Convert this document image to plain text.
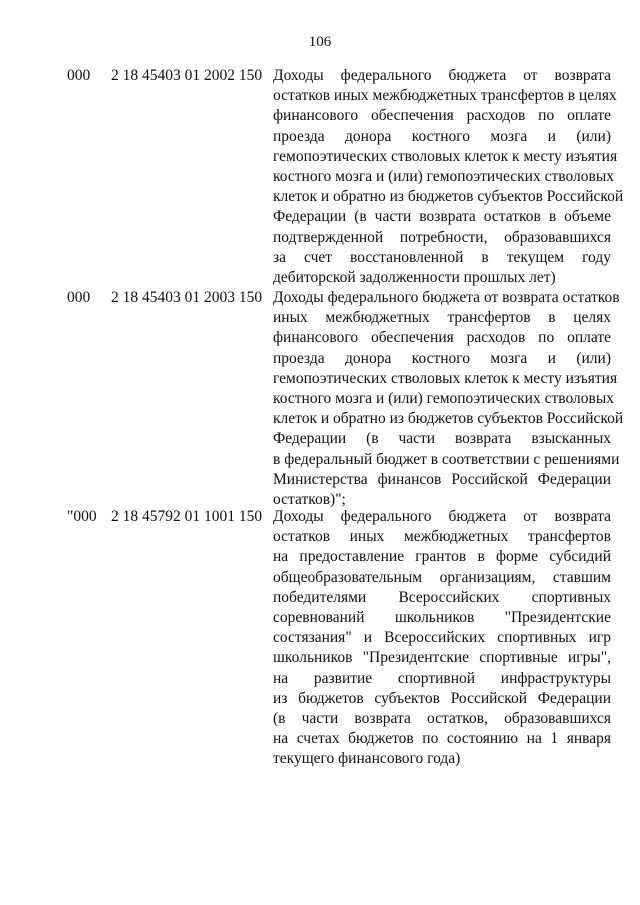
106
000 2 18 45403 01 2002 150 Доходы федерального бюджета от возврата
остатков иных межбюджетных трансфертов в целях
финансового обеспечения расходов по оплате
проезда донора костного мозга и (или)
гемопоэтических стволовых клеток к месту изъятия
костного мозга и (или) гемопоэтических стволовых
клеток и обратно из бюджетов субъектов Российской
Федерации (в части возврата остатков в объеме
подтвержденной потребности, образовавшихся
за счет восстановленной в текущем году
дебиторской задолженности прошлых лет)
000 2 18 45403 01 2003 150 Доходы федерального бюджета от возврата остатков
иных межбюджетных трансфертов в целях
финансового обеспечения расходов по оплате
проезда донора костного мозга и (или)
гемопоэтических стволовых клеток к месту изъятия
костного мозга и (или) гемопоэтических стволовых
клеток и обратно из бюджетов субъектов Российской
Федерации (в части возврата взысканных
в федеральный бюджет в соответствии с решениями
Министерства финансов Российской Федерации
остатков)";
"000 2 18 45792 01 1001 150 Доходы федерального бюджета от возврата
остатков иных межбюджетных трансфертов
на предоставление грантов в форме субсидий
общеобразовательным организациям, ставшим
победителями Всероссийских спортивных
соревнований школьников "Президентские
состязания" и Всероссийских спортивных игр
школьников "Президентские спортивные игры",
на развитие спортивной инфраструктуры
из бюджетов субъектов Российской Федерации
(в части возврата остатков, образовавшихся
на счетах бюджетов по состоянию на 1 января
текущего финансового года)
